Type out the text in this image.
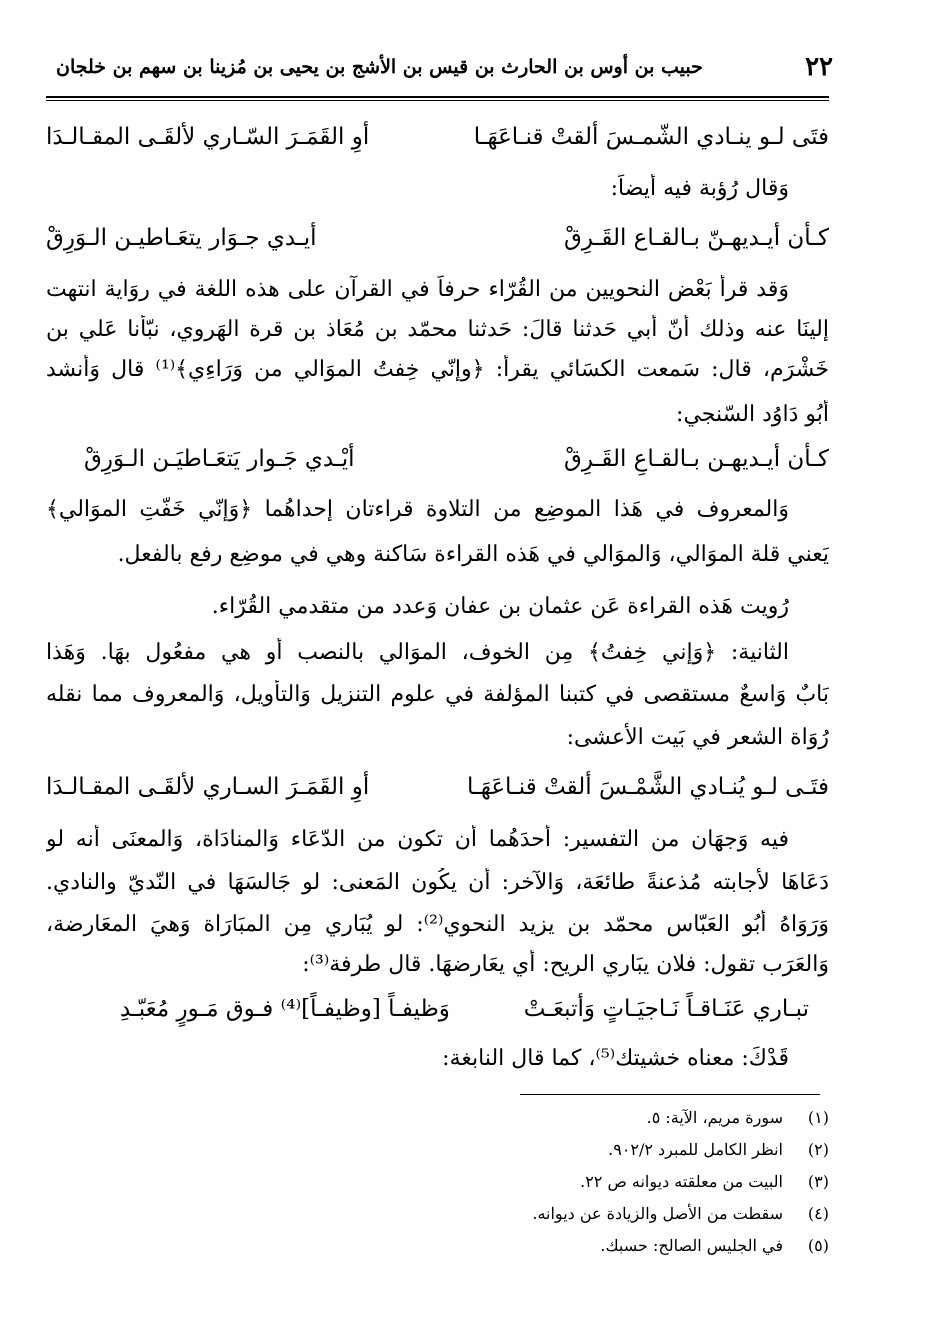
٢٢
حبيب بن أوس بن الحارث بن قيس بن الأشج بن يحيى بن مُزينا بن سهم بن خلجان
فتَى لـو ينـادي الشّمـسَ ألقتْ قنـاعَهَـا
أوِ القَمَـرَ السّـاري لألقَـى المقـالـدَا
وَقال رُؤبة فيه أيضاً:
كـأن أيـديهـنّ بـالقـاع القَـرِقْ
أيـدي جـوَار يتعَـاطيـن الـوَرِقْ
وَقد قرأ بَعْض النحويين من القُرّاء حرفاً في القرآن على هذه اللغة في روَاية انتهت
إلينَا عنه وذلك أنّ أبي حَدثنا قالَ: حَدثنا محمّد بن مُعَاذ بن قرة الهَروي، نبّأنا عَلي بن
خَشْرَم، قال: سَمعت الكسَائي يقرأ: ﴿وإنّي خِفتُ الموَالي من وَرَاءِي﴾⁽¹⁾ قال وَأنشد
أبُو دَاوُد السّنجي:
كـأن أيـديهـن بـالقـاعِ القَـرِقْ
أيْـدي جَـوار يَتعَـاطيَـن الـوَرِقْ
وَالمعروف في هَذا الموضِع من التلاوة قراءتان إحداهُما ﴿وَإنّي خَفّتِ الموَالي﴾
يَعني قلة الموَالي، وَالموَالي في هَذه القراءة سَاكنة وهي في موضِع رفع بالفعل.
رُويت هَذه القراءة عَن عثمان بن عفان وَعدد من متقدمي القُرّاء.
الثانية: ﴿وَإني خِفتُ﴾ مِن الخوف، الموَالي بالنصب أو هي مفعُول بهَا. وَهَذا
بَابٌ وَاسعٌ مستقصى في كتبنا المؤلفة في علوم التنزيل وَالتأويل، وَالمعروف مما نقله
رُوَاة الشعر في بَيت الأعشى:
فتَـى لـو يُنـادي الشَّمْـسَ ألقتْ قنـاعَهَـا
أوِ القَمَـرَ السـاري لألقَـى المقـالـدَا
فيه وَجهَان من التفسير: أحدَهُما أن تكون من الدّعَاء وَالمنادَاة، وَالمعنَى أنه لو
دَعَاهَا لأجابته مُذعنةً طائعَة، وَالآخر: أن يكُون المَعنى: لو جَالسَهَا في النّديّ والنادي.
وَرَوَاهُ أبُو العَبّاس محمّد بن يزيد النحوي⁽²⁾: لو يُبَاري مِن المبَارَاة وَهيَ المعَارضة،
وَالعَرَب تقول: فلان يبَاري الريح: أي يعَارضهَا. قال طرفة⁽³⁾:
تبـاري عَنَـاقـاً نَـاجيَـاتٍ وَأتبعَـتْ
وَظيفـاً [وظيفـاً]⁽⁴⁾ فـوق مَـورٍ مُعَبّـدِ
قَدْكَ: معناه خشيتك⁽⁵⁾، كما قال النابغة:
(١)سورة مريم، الآية: ٥.
(٢)انظر الكامل للمبرد ٩٠٢/٢.
(٣)البيت من معلقته ديوانه ص ٢٢.
(٤)سقطت من الأصل والزيادة عن ديوانه.
(٥)في الجليس الصالح: حسبك.
